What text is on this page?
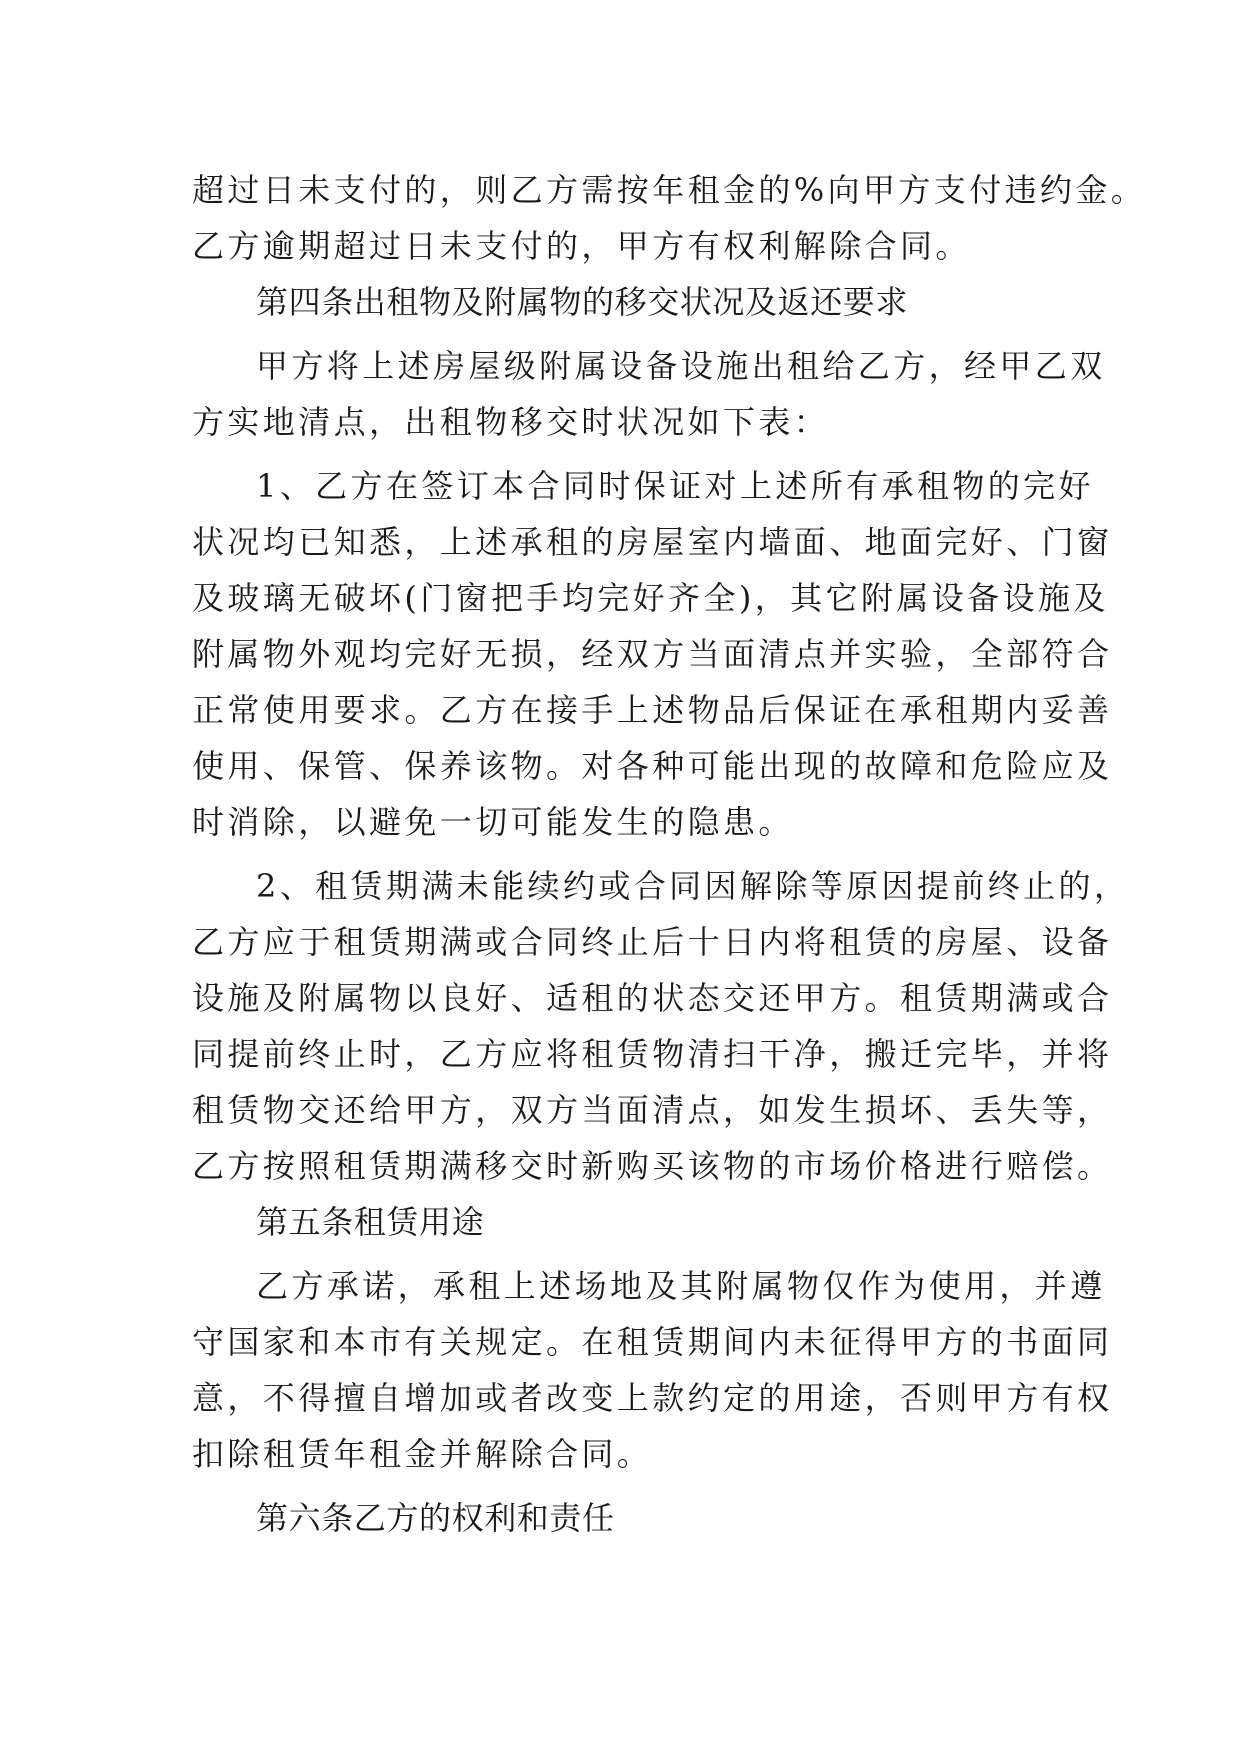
超过日未支付的，则乙方需按年租金的%向甲方支付违约金。

乙方逾期超过日未支付的，甲方有权利解除合同。

第四条出租物及附属物的移交状况及返还要求

甲方将上述房屋级附属设备设施出租给乙方，经甲乙双

方实地清点，出租物移交时状况如下表：

1、乙方在签订本合同时保证对上述所有承租物的完好

状况均已知悉，上述承租的房屋室内墙面、地面完好、门窗

及玻璃无破坏(门窗把手均完好齐全)，其它附属设备设施及

附属物外观均完好无损，经双方当面清点并实验，全部符合

正常使用要求。乙方在接手上述物品后保证在承租期内妥善

使用、保管、保养该物。对各种可能出现的故障和危险应及

时消除，以避免一切可能发生的隐患。

2、租赁期满未能续约或合同因解除等原因提前终止的，

乙方应于租赁期满或合同终止后十日内将租赁的房屋、设备

设施及附属物以良好、适租的状态交还甲方。租赁期满或合

同提前终止时，乙方应将租赁物清扫干净，搬迁完毕，并将

租赁物交还给甲方，双方当面清点，如发生损坏、丢失等，

乙方按照租赁期满移交时新购买该物的市场价格进行赔偿。

第五条租赁用途

乙方承诺，承租上述场地及其附属物仅作为使用，并遵

守国家和本市有关规定。在租赁期间内未征得甲方的书面同

意，不得擅自增加或者改变上款约定的用途，否则甲方有权

扣除租赁年租金并解除合同。

第六条乙方的权利和责任
